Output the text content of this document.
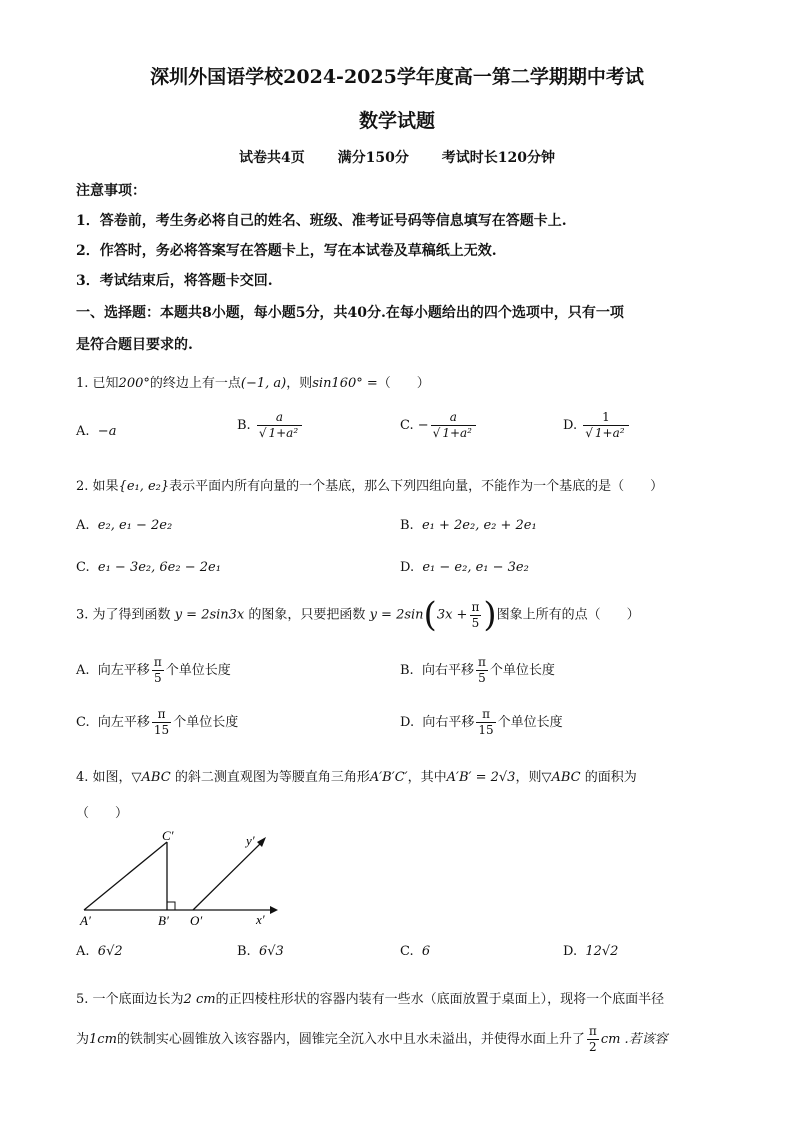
深圳外国语学校2024-2025学年度高一第二学期期中考试
数学试题
试卷共4页 满分150分 考试时长120分钟
注意事项：
1．答卷前，考生务必将自己的姓名、班级、准考证号码等信息填写在答题卡上.
2．作答时，务必将答案写在答题卡上，写在本试卷及草稿纸上无效.
3．考试结束后，将答题卡交回.
一、选择题：本题共8小题，每小题5分，共40分.在每小题给出的四个选项中，只有一项
是符合题目要求的.
1. 已知200°的终边上有一点(−1, a)，则sin160° =（　　）
A. −a	B. $\frac{a}{\text{√ 1+a²}}$	C. − $\frac{a}{\text{√ 1+a²}}$	D. $\frac{1}{\text{√ 1+a²}}$
2. 如果{e₁, e₂}表示平面内所有向量的一个基底，那么下列四组向量，不能作为一个基底的是（　　）
A. e₂, e₁ − 2e₂	B. e₁ + 2e₂, e₂ + 2e₁
C. e₁ − 3e₂, 6e₂ − 2e₁	D. e₁ − e₂, e₁ − 3e₂
3. 为了得到函数 y = 2sin3x 的图象，只要把函数 $y = 2\sin(3x + \frac{\pi}{5}$ )图象上所有的点（　　）
A. 向左平移 $\frac{\pi}{5}$ 个单位长度	B. 向右平移 $\frac{\pi}{5}$ 个单位长度
C. 向左平移 $\frac{\pi}{15}$ 个单位长度	D. 向右平移 $\frac{\pi}{15}$ 个单位长度
4. 如图，▽ABC 的斜二测直观图为等腰直角三角形A′B′C′，其中A′B′ = 2√3，则▽ABC 的面积为
（　　）
A′	B′
C′
O′	x′
y′
A. 6√2	B. 6√3	C. 6	D. 12√2
5. 一个底面边长为2 cm的正四棱柱形状的容器内装有一些水（底面放置于桌面上），现将一个底面半径
为1cm的铁制实心圆锥放入该容器内，圆锥完全沉入水中且水未溢出，并使得水面上升了 $\frac{\pi}{2}$ cm .若该容
